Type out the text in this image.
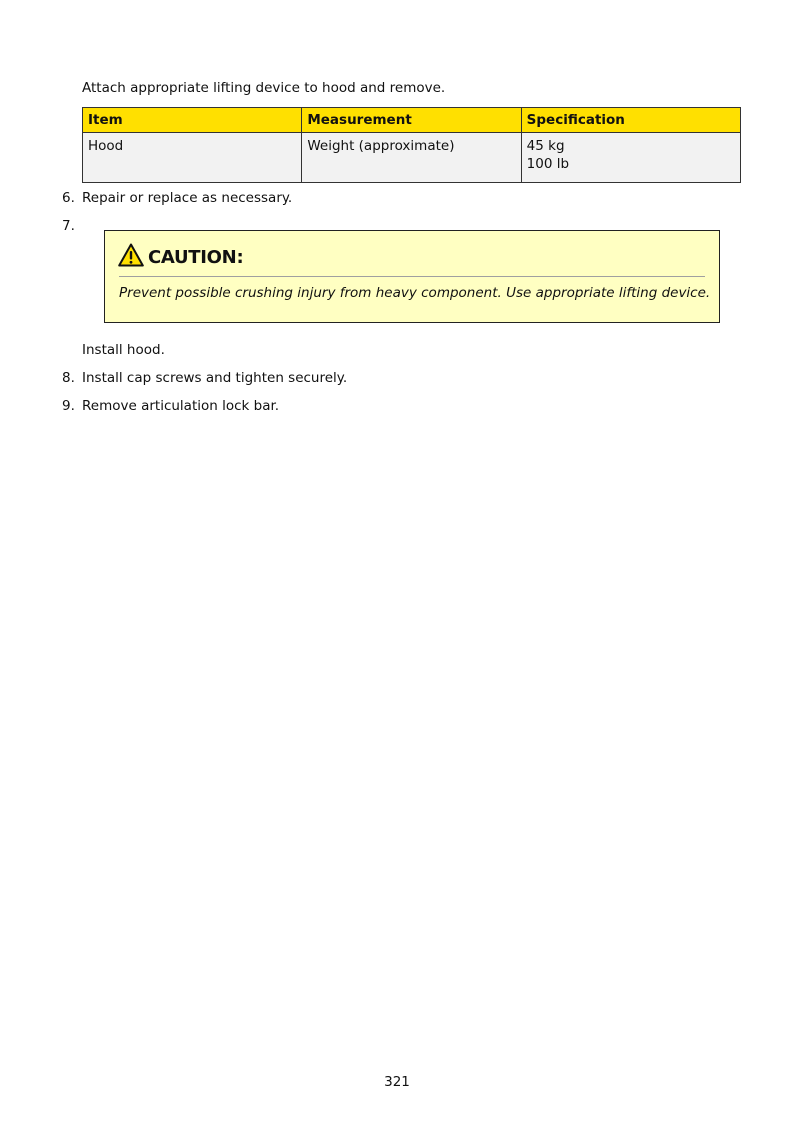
Attach appropriate lifting device to hood and remove.
Item	Measurement	Specification
Hood	Weight (approximate)	45 kg
100 lb
6. Repair or replace as necessary.
7.
CAUTION:
Prevent possible crushing injury from heavy component. Use appropriate lifting device.
Install hood.
8. Install cap screws and tighten securely.
9. Remove articulation lock bar.
321
